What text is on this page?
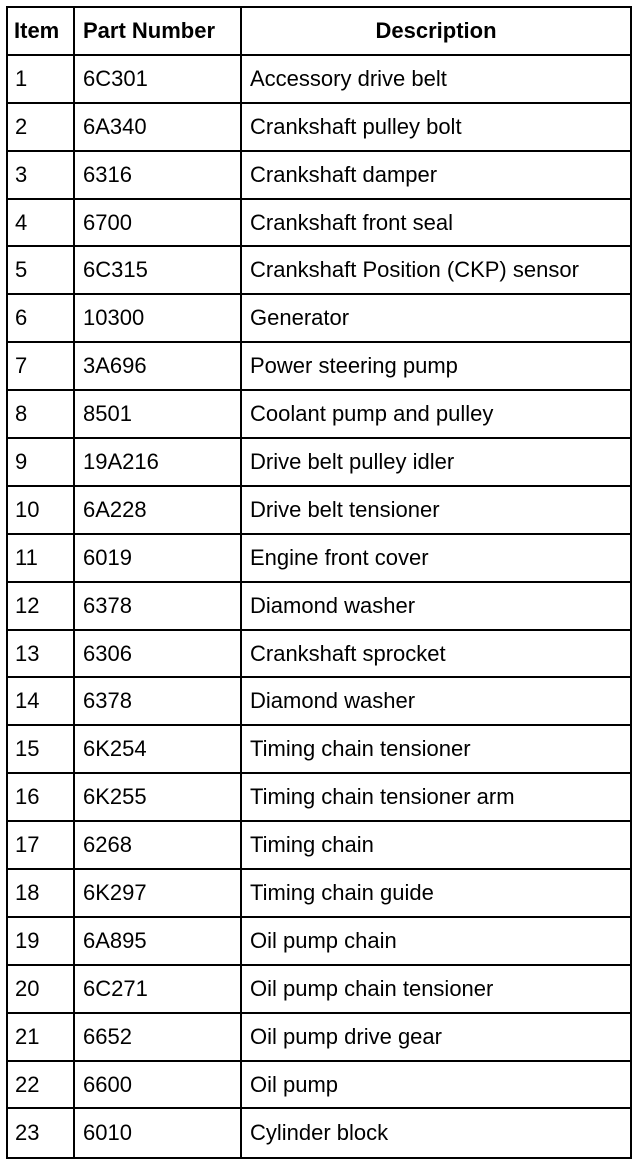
Item	Part Number	Description
1	6C301	Accessory drive belt
2	6A340	Crankshaft pulley bolt
3	6316	Crankshaft damper
4	6700	Crankshaft front seal
5	6C315	Crankshaft Position (CKP) sensor
6	10300	Generator
7	3A696	Power steering pump
8	8501	Coolant pump and pulley
9	19A216	Drive belt pulley idler
10	6A228	Drive belt tensioner
11	6019	Engine front cover
12	6378	Diamond washer
13	6306	Crankshaft sprocket
14	6378	Diamond washer
15	6K254	Timing chain tensioner
16	6K255	Timing chain tensioner arm
17	6268	Timing chain
18	6K297	Timing chain guide
19	6A895	Oil pump chain
20	6C271	Oil pump chain tensioner
21	6652	Oil pump drive gear
22	6600	Oil pump
23	6010	Cylinder block
